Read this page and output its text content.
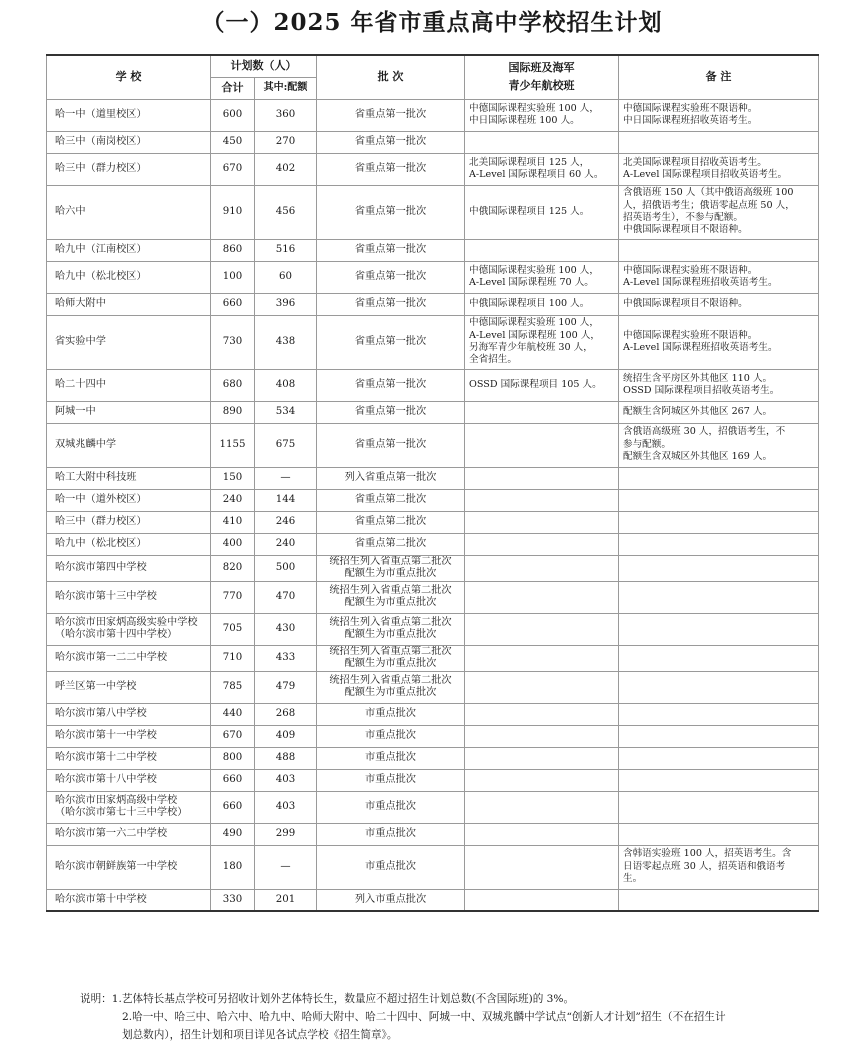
（一）2025 年省市重点高中学校招生计划
学 校	计划数（人）		批 次	国际班及海军
青少年航校班	备 注
	合计	其中:配额			

哈一中（道里校区）	600	360	省重点第一批次	中德国际课程实验班 100 人，
中日国际课程班 100 人。	中德国际课程实验班不限语种。
中日国际课程班招收英语考生。

哈三中（南岗校区）	450	270	省重点第一批次		

哈三中（群力校区）	670	402	省重点第一批次	北美国际课程项目 125 人，
A-Level 国际课程项目 60 人。	北美国际课程项目招收英语考生。
A-Level 国际课程项目招收英语考生。

哈六中	910	456	省重点第一批次	中俄国际课程项目 125 人。	含俄语班 150 人（其中俄语高级班 100
人，招俄语考生；俄语零起点班 50 人，
招英语考生），不参与配额。
中俄国际课程项目不限语种。

哈九中（江南校区）	860	516	省重点第一批次		

哈九中（松北校区）	100	60	省重点第一批次	中德国际课程实验班 100 人，
A-Level 国际课程班 70 人。	中德国际课程实验班不限语种。
A-Level 国际课程班招收英语考生。

哈师大附中	660	396	省重点第一批次	中俄国际课程项目 100 人。	中俄国际课程项目不限语种。

省实验中学	730	438	省重点第一批次	中德国际课程实验班 100 人，
A-Level 国际课程班 100 人，
另海军青少年航校班 30 人，
全省招生。	中德国际课程实验班不限语种。
A-Level 国际课程班招收英语考生。

哈二十四中	680	408	省重点第一批次	OSSD 国际课程项目 105 人。	统招生含平房区外其他区 110 人。
OSSD 国际课程项目招收英语考生。

阿城一中	890	534	省重点第一批次		配额生含阿城区外其他区 267 人。

双城兆麟中学	1155	675	省重点第一批次		含俄语高级班 30 人，招俄语考生，不
参与配额。
配额生含双城区外其他区 169 人。

哈工大附中科技班	150	—	列入省重点第一批次		

哈一中（道外校区）	240	144	省重点第二批次		

哈三中（群力校区）	410	246	省重点第二批次		

哈九中（松北校区）	400	240	省重点第二批次		

哈尔滨市第四中学校	820	500	统招生列入省重点第二批次
配额生为市重点批次		

哈尔滨市第十三中学校	770	470	统招生列入省重点第二批次
配额生为市重点批次		

哈尔滨市田家炳高级实验中学校
（哈尔滨市第十四中学校）	705	430	统招生列入省重点第二批次
配额生为市重点批次		

哈尔滨市第一二二中学校	710	433	统招生列入省重点第二批次
配额生为市重点批次		

呼兰区第一中学校	785	479	统招生列入省重点第二批次
配额生为市重点批次		

哈尔滨市第八中学校	440	268	市重点批次		

哈尔滨市第十一中学校	670	409	市重点批次		

哈尔滨市第十二中学校	800	488	市重点批次		

哈尔滨市第十八中学校	660	403	市重点批次		

哈尔滨市田家炳高级中学校
（哈尔滨市第七十三中学校）	660	403	市重点批次		

哈尔滨市第一六二中学校	490	299	市重点批次		

哈尔滨市朝鲜族第一中学校	180	—	市重点批次		含韩语实验班 100 人，招英语考生。含
日语零起点班 30 人，招英语和俄语考
生。

哈尔滨市第十中学校	330	201	列入市重点批次		

说明：1.艺体特长基点学校可另招收计划外艺体特长生，数量应不超过招生计划总数(不含国际班)的 3%。
2.哈一中、哈三中、哈六中、哈九中、哈师大附中、哈二十四中、阿城一中、双城兆麟中学试点“创新人才计划”招生（不在招生计
划总数内），招生计划和项目详见各试点学校《招生简章》。
